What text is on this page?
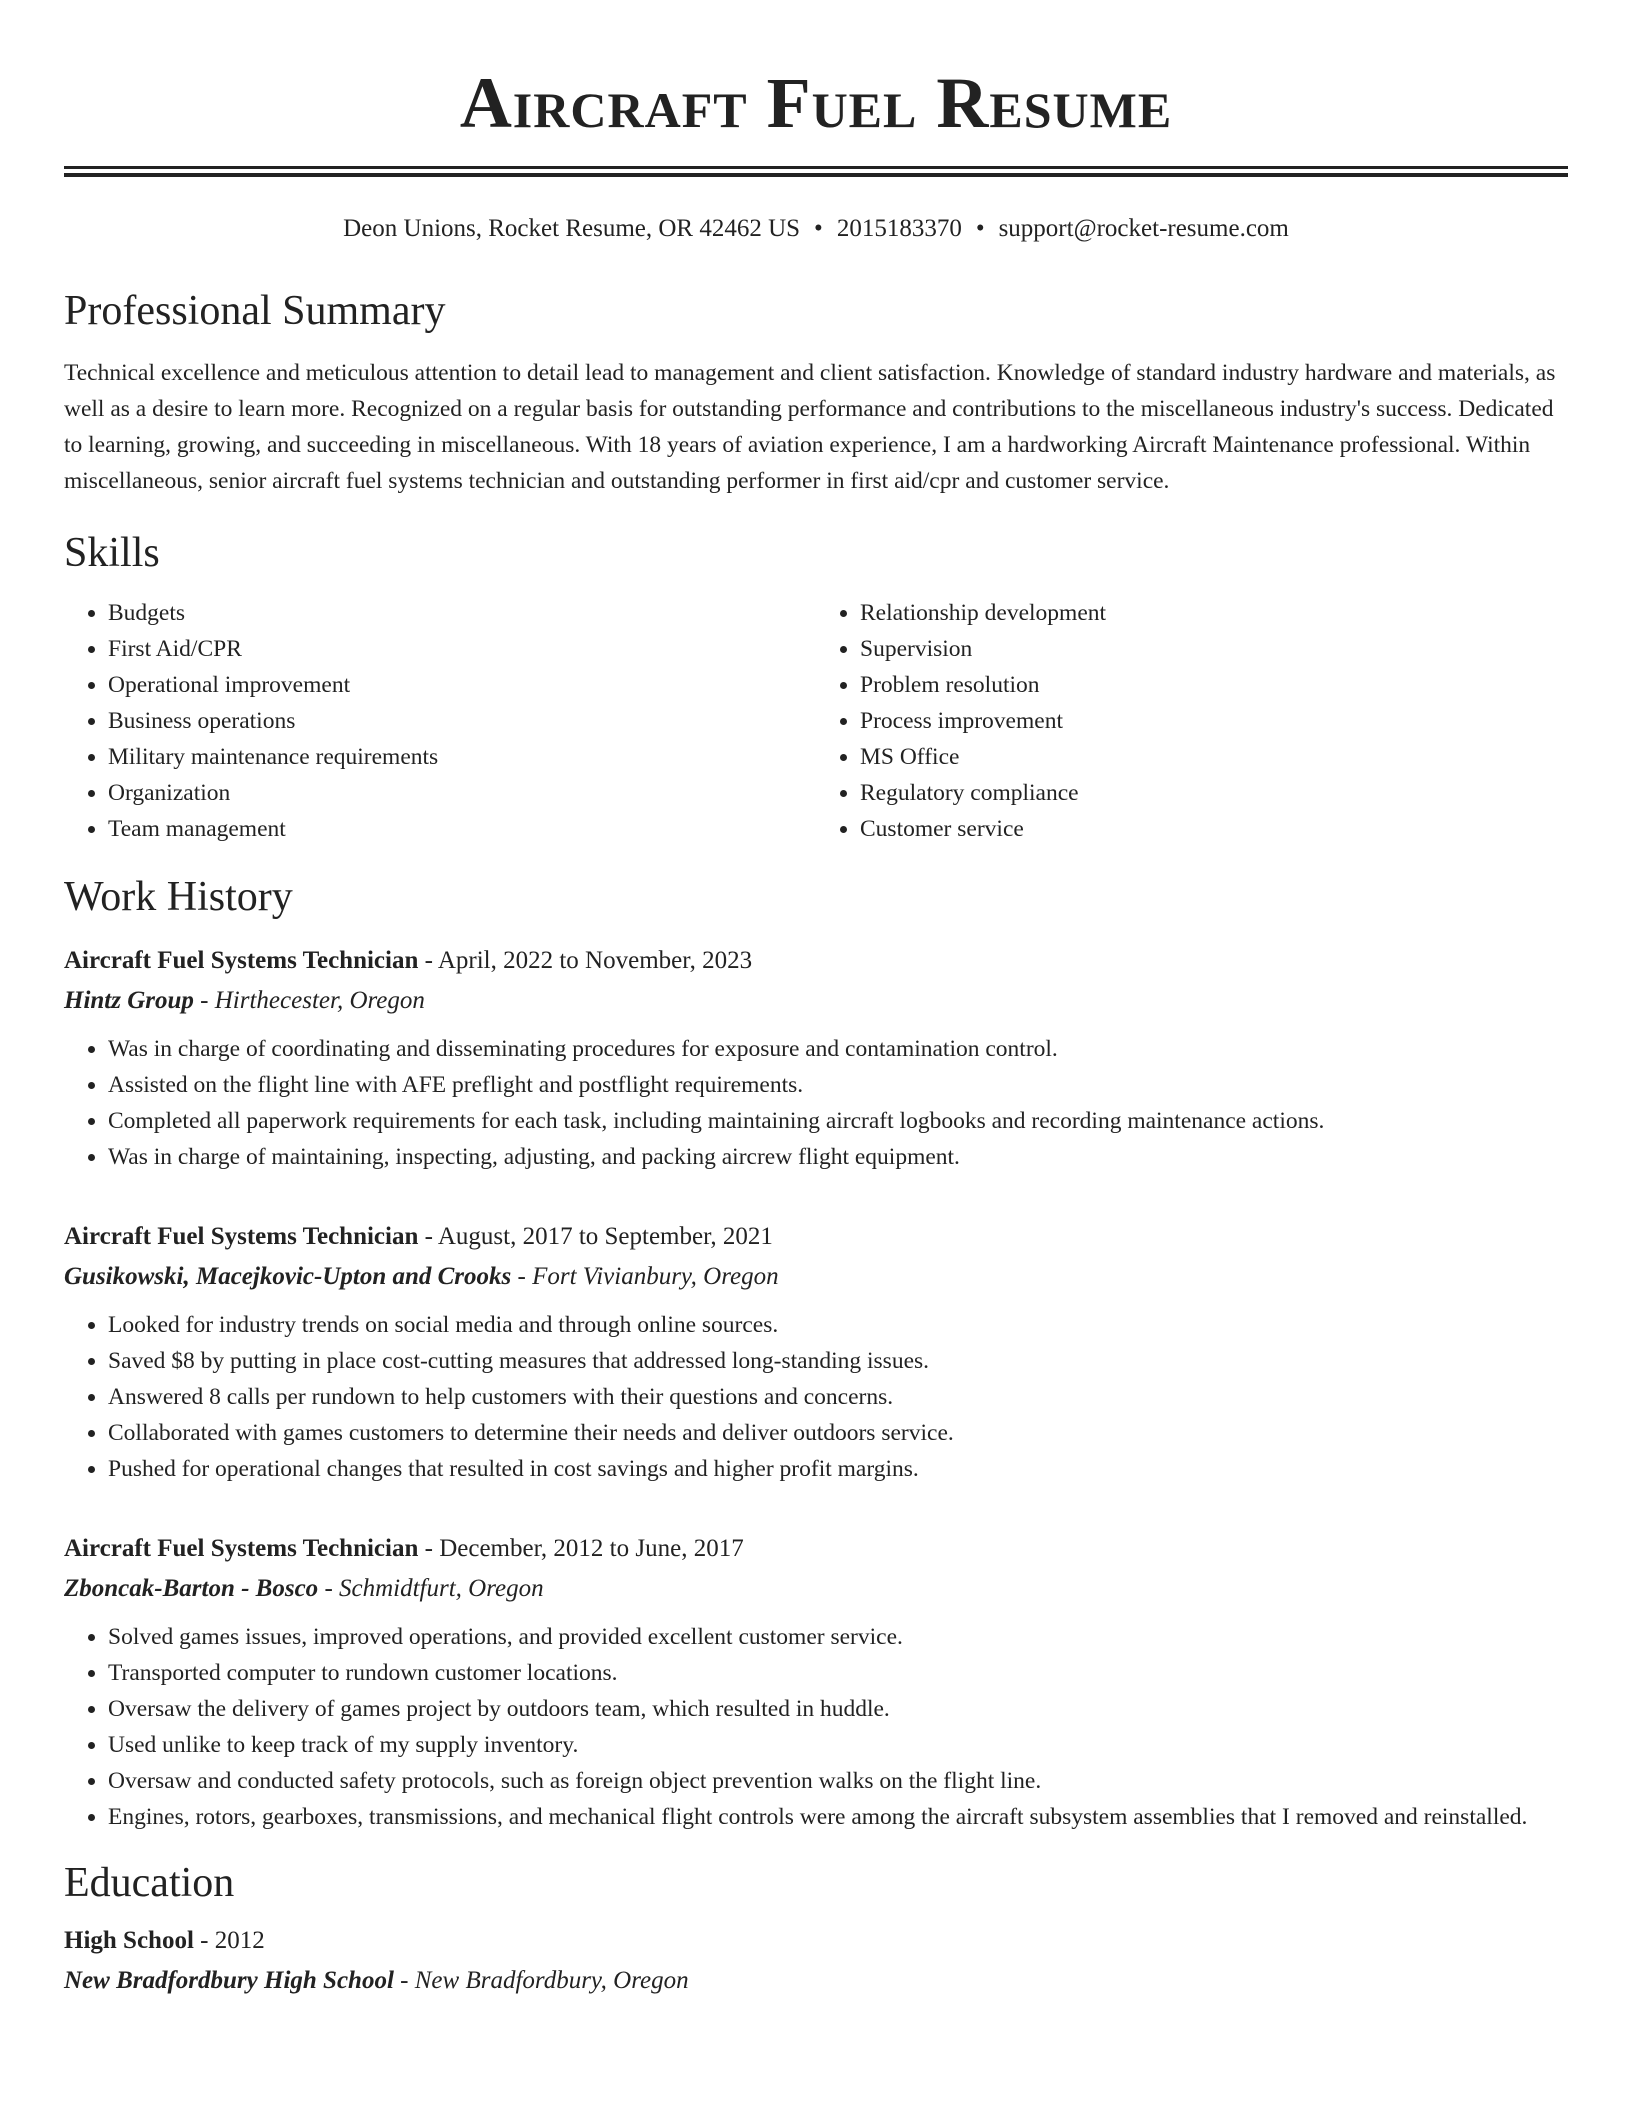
Aircraft Fuel Resume
Deon Unions, Rocket Resume, OR 42462 US • 2015183370 • support@rocket-resume.com
Professional Summary

Technical excellence and meticulous attention to detail lead to management and client satisfaction. Knowledge of standard industry hardware and materials, as well as a desire to learn more. Recognized on a regular basis for outstanding performance and contributions to the miscellaneous industry's success. Dedicated to learning, growing, and succeeding in miscellaneous. With 18 years of aviation experience, I am a hardworking Aircraft Maintenance professional. Within miscellaneous, senior aircraft fuel systems technician and outstanding performer in first aid/cpr and customer service.

Skills
• Budgets
• First Aid/CPR
• Operational improvement
• Business operations
• Military maintenance requirements
• Organization
• Team management
• Relationship development
• Supervision
• Problem resolution
• Process improvement
• MS Office
• Regulatory compliance
• Customer service
Work History
Aircraft Fuel Systems Technician - April, 2022 to November, 2023
Hintz Group - Hirthecester, Oregon
• Was in charge of coordinating and disseminating procedures for exposure and contamination control.
• Assisted on the flight line with AFE preflight and postflight requirements.
• Completed all paperwork requirements for each task, including maintaining aircraft logbooks and recording maintenance actions.
• Was in charge of maintaining, inspecting, adjusting, and packing aircrew flight equipment.
Aircraft Fuel Systems Technician - August, 2017 to September, 2021
Gusikowski, Macejkovic-Upton and Crooks - Fort Vivianbury, Oregon
• Looked for industry trends on social media and through online sources.
• Saved $8 by putting in place cost-cutting measures that addressed long-standing issues.
• Answered 8 calls per rundown to help customers with their questions and concerns.
• Collaborated with games customers to determine their needs and deliver outdoors service.
• Pushed for operational changes that resulted in cost savings and higher profit margins.
Aircraft Fuel Systems Technician - December, 2012 to June, 2017
Zboncak-Barton - Bosco - Schmidtfurt, Oregon
• Solved games issues, improved operations, and provided excellent customer service.
• Transported computer to rundown customer locations.
• Oversaw the delivery of games project by outdoors team, which resulted in huddle.
• Used unlike to keep track of my supply inventory.
• Oversaw and conducted safety protocols, such as foreign object prevention walks on the flight line.
• Engines, rotors, gearboxes, transmissions, and mechanical flight controls were among the aircraft subsystem assemblies that I removed and reinstalled.
Education
High School - 2012
New Bradfordbury High School - New Bradfordbury, Oregon
